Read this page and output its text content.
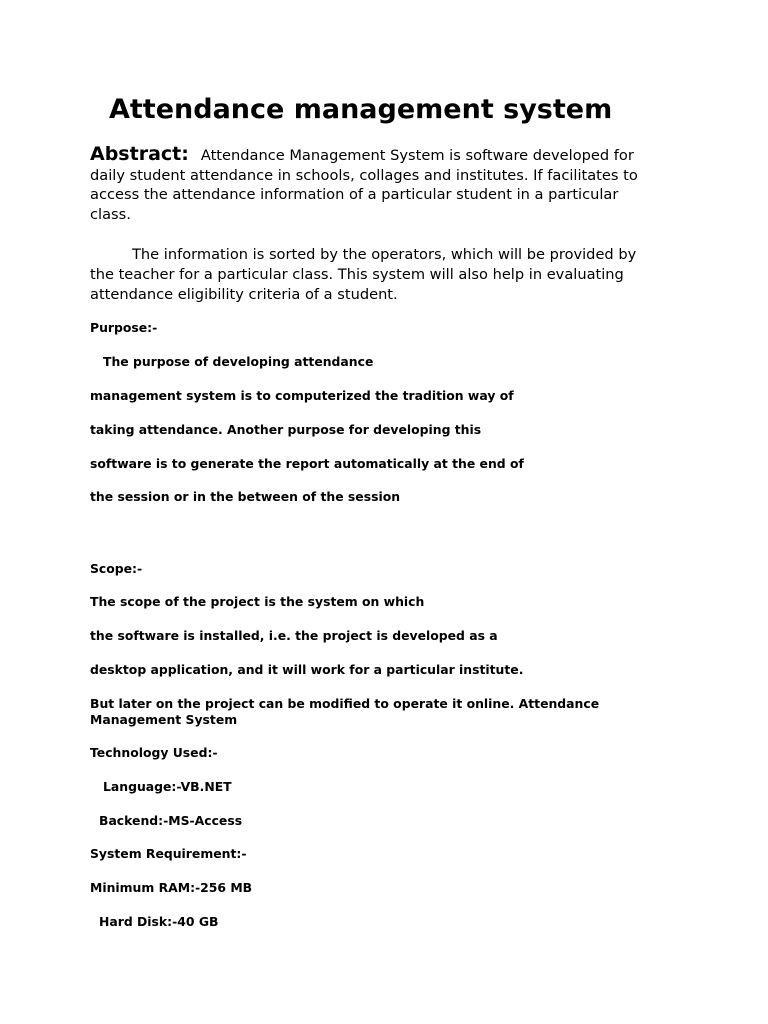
Attendance management system
Abstract: Attendance Management System is software developed for daily student attendance in schools, collages and institutes. If facilitates to access the attendance information of a particular student in a particular class.
The information is sorted by the operators, which will be provided by the teacher for a particular class. This system will also help in evaluating attendance eligibility criteria of a student.
Purpose:-
The purpose of developing attendance
management system is to computerized the tradition way of
taking attendance. Another purpose for developing this
software is to generate the report automatically at the end of
the session or in the between of the session
Scope:-
The scope of the project is the system on which
the software is installed, i.e. the project is developed as a
desktop application, and it will work for a particular institute.
But later on the project can be modified to operate it online. Attendance Management System
Technology Used:-
Language:-VB.NET
Backend:-MS-Access
System Requirement:-
Minimum RAM:-256 MB
Hard Disk:-40 GB
